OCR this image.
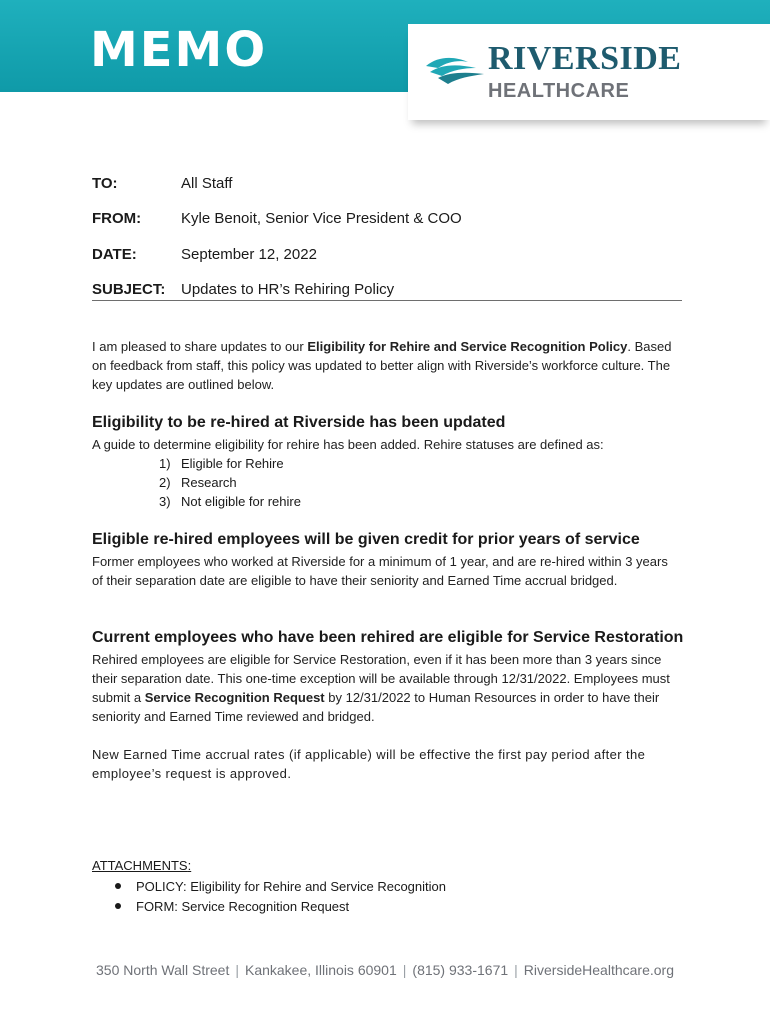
MEMO	RIVERSIDE
HEALTHCARE
TO:	All Staff
FROM:	Kyle Benoit, Senior Vice President & COO
DATE:	September 12, 2022
SUBJECT: Updates to HR’s Rehiring Policy
I am pleased to share updates to our Eligibility for Rehire and Service Recognition Policy. Based on feedback from staff, this policy was updated to better align with Riverside’s workforce culture. The key updates are outlined below.
Eligibility to be re-hired at Riverside has been updated
A guide to determine eligibility for rehire has been added. Rehire statuses are defined as:
1) Eligible for Rehire
2) Research
3) Not eligible for rehire
Eligible re-hired employees will be given credit for prior years of service
Former employees who worked at Riverside for a minimum of 1 year, and are re-hired within 3 years of their separation date are eligible to have their seniority and Earned Time accrual bridged.
Current employees who have been rehired are eligible for Service Restoration
Rehired employees are eligible for Service Restoration, even if it has been more than 3 years since their separation date. This one-time exception will be available through 12/31/2022. Employees must submit a Service Recognition Request by 12/31/2022 to Human Resources in order to have their seniority and Earned Time reviewed and bridged.
New Earned Time accrual rates (if applicable) will be effective the first pay period after the employee’s request is approved.
ATTACHMENTS:
POLICY: Eligibility for Rehire and Service Recognition
FORM: Service Recognition Request
350 North Wall Street | Kankakee, Illinois 60901 | (815) 933-1671 | RiversideHealthcare.org
